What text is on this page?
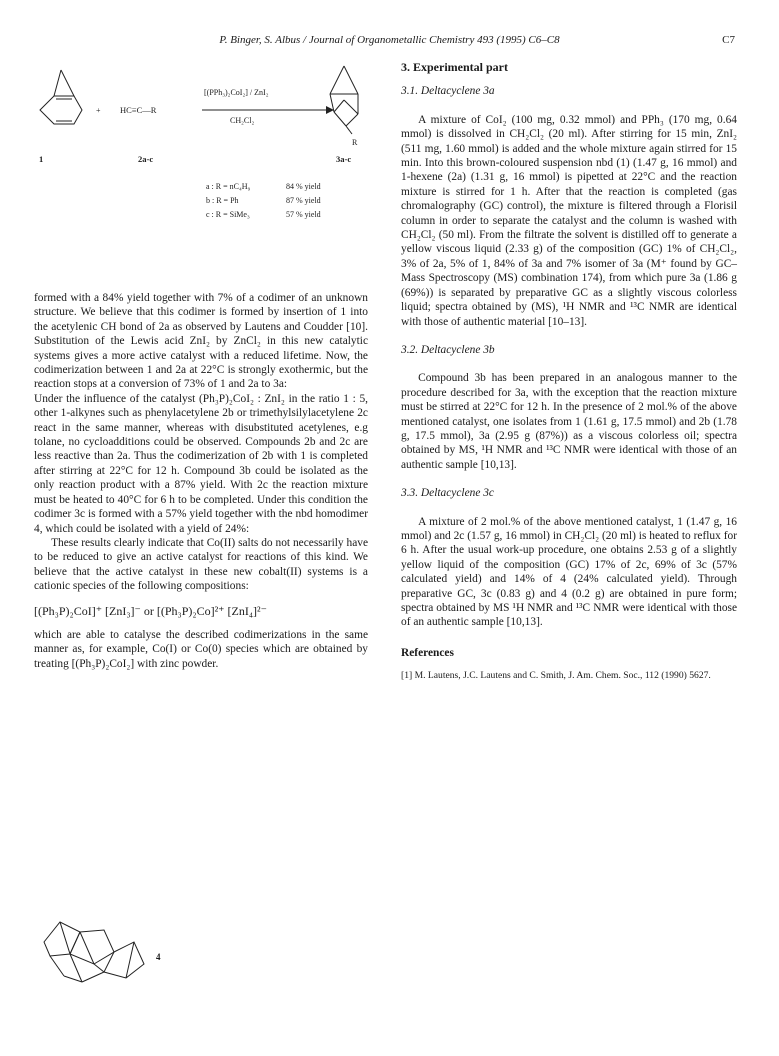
P. Binger, S. Albus / Journal of Organometallic Chemistry 493 (1995) C6–C8	C7
+ HC≡C—R
[(PPh₃)₂CoI₂] / ZnI₂
CH₂Cl₂
R
1	2a-c	3a-c
a : R = nC₄H₉	84 % yield
b : R = Ph	87 % yield
c : R = SiMe₃	57 % yield

formed with a 84% yield together with 7% of a codimer of an unknown structure. We believe that this codimer is formed by insertion of 1 into the acetylenic CH bond of 2a as observed by Lautens and Coudder [10]. Substitution of the Lewis acid ZnI₂ by ZnCl₂ in this new catalytic systems gives a more active catalyst with a reduced lifetime. Now, the codimerization between 1 and 2a at 22°C is strongly exothermic, but the reaction stops at a conversion of 73% of 1 and 2a to 3a:

Under the influence of the catalyst (Ph₃P)₂CoI₂ : ZnI₂ in the ratio 1 : 5, other 1-alkynes such as phenylacetylene 2b or trimethylsilylacetylene 2c react in the same manner, whereas with disubstituted acetylenes, e.g tolane, no cycloadditions could be observed. Compounds 2b and 2c are less reactive than 2a. Thus the codimerization of 2b with 1 is completed after stirring at 22°C for 12 h. Compound 3b could be isolated as the only reaction product with a 87% yield. With 2c the reaction mixture must be heated to 40°C for 6 h to be completed. Under this condition the codimer 3c is formed with a 57% yield together with the nbd homodimer 4, which could be isolated with a yield of 24%:

These results clearly indicate that Co(II) salts do not necessarily have to be reduced to give an active catalyst for reactions of this kind. We believe that the active catalyst in these new cobalt(II) systems is a cationic species of the following compositions:

[(Ph₃P)₂CoI]⁺ [ZnI₃]⁻ or [(Ph₃P)₂Co]²⁺ [ZnI₄]²⁻

which are able to catalyse the described codimerizations in the same manner as, for example, Co(I) or Co(0) species which are obtained by treating [(Ph₃P)₂CoI₂] with zinc powder.

4
3. Experimental part
3.1. Deltacyclene 3a

A mixture of CoI₂ (100 mg, 0.32 mmol) and PPh₃ (170 mg, 0.64 mmol) is dissolved in CH₂Cl₂ (20 ml). After stirring for 15 min, ZnI₂ (511 mg, 1.60 mmol) is added and the whole mixture again stirred for 15 min. Into this brown-coloured suspension nbd (1) (1.47 g, 16 mmol) and 1-hexene (2a) (1.31 g, 16 mmol) is pipetted at 22°C and the reaction mixture is stirred for 1 h. After that the reaction is completed (gas chromalography (GC) control), the mixture is filtered through a Florisil column in order to separate the catalyst and the column is washed with CH₂Cl₂ (50 ml). From the filtrate the solvent is distilled off to generate a yellow viscous liquid (2.33 g) of the composition (GC) 1% of CH₂Cl₂, 3% of 2a, 5% of 1, 84% of 3a and 7% isomer of 3a (M⁺ found by GC–Mass Spectroscopy (MS) combination 174), from which pure 3a (1.86 g (69%)) is separated by preparative GC as a slightly viscous colorless liquid; spectra obtained by (MS), ¹H NMR and ¹³C NMR are identical with those of authentic material [10–13].

3.2. Deltacyclene 3b

Compound 3b has been prepared in an analogous manner to the procedure described for 3a, with the exception that the reaction mixture must be stirred at 22°C for 12 h. In the presence of 2 mol.% of the above mentioned catalyst, one isolates from 1 (1.61 g, 17.5 mmol) and 2b (1.78 g, 17.5 mmol), 3a (2.95 g (87%)) as a viscous colorless oil; spectra obtained by MS, ¹H NMR and ¹³C NMR were identical with those of an authentic sample [10,13].

3.3. Deltacyclene 3c

A mixture of 2 mol.% of the above mentioned catalyst, 1 (1.47 g, 16 mmol) and 2c (1.57 g, 16 mmol) in CH₂Cl₂ (20 ml) is heated to reflux for 6 h. After the usual work-up procedure, one obtains 2.53 g of a slightly yellow liquid of the composition (GC) 17% of 2c, 69% of 3c (57% calculated yield) and 14% of 4 (24% calculated yield). Through preparative GC, 3c (0.83 g) and 4 (0.2 g) are obtained in pure form; spectra obtained by MS ¹H NMR and ¹³C NMR were identical with those of an authentic sample [10,13].

References
[1] M. Lautens, J.C. Lautens and C. Smith, J. Am. Chem. Soc., 112 (1990) 5627.
